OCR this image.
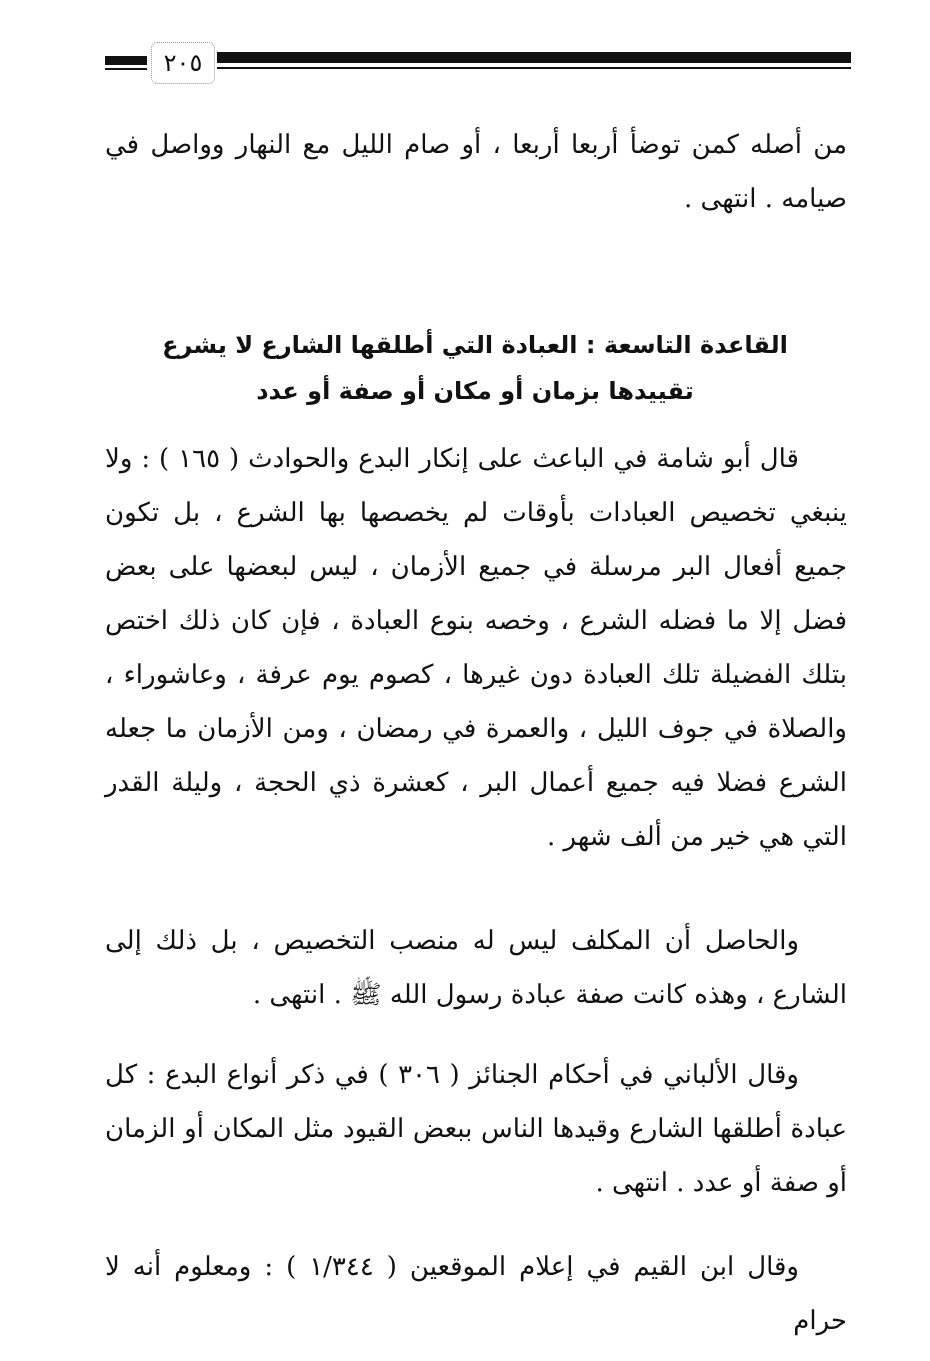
٢٠٥
من أصله كمن توضأ أربعا أربعا ، أو صام الليل مع النهار وواصل في صيامه . انتهى .
القاعدة التاسعة : العبادة التي أطلقها الشارع لا يشرع تقييدها بزمان أو مكان أو صفة أو عدد
قال أبو شامة في الباعث على إنكار البدع والحوادث ( ١٦٥ ) : ولا ينبغي تخصيص العبادات بأوقات لم يخصصها بها الشرع ، بل تكون جميع أفعال البر مرسلة في جميع الأزمان ، ليس لبعضها على بعض فضل إلا ما فضله الشرع ، وخصه بنوع العبادة ، فإن كان ذلك اختص بتلك الفضيلة تلك العبادة دون غيرها ، كصوم يوم عرفة ، وعاشوراء ، والصلاة في جوف الليل ، والعمرة في رمضان ، ومن الأزمان ما جعله الشرع فضلا فيه جميع أعمال البر ، كعشرة ذي الحجة ، وليلة القدر التي هي خير من ألف شهر .
والحاصل أن المكلف ليس له منصب التخصيص ، بل ذلك إلى الشارع ، وهذه كانت صفة عبادة رسول الله ﷺ . انتهى .
وقال الألباني في أحكام الجنائز ( ٣٠٦ ) في ذكر أنواع البدع : كل عبادة أطلقها الشارع وقيدها الناس ببعض القيود مثل المكان أو الزمان أو صفة أو عدد . انتهى .
وقال ابن القيم في إعلام الموقعين ( ١/٣٤٤ ) : ومعلوم أنه لا حرام
